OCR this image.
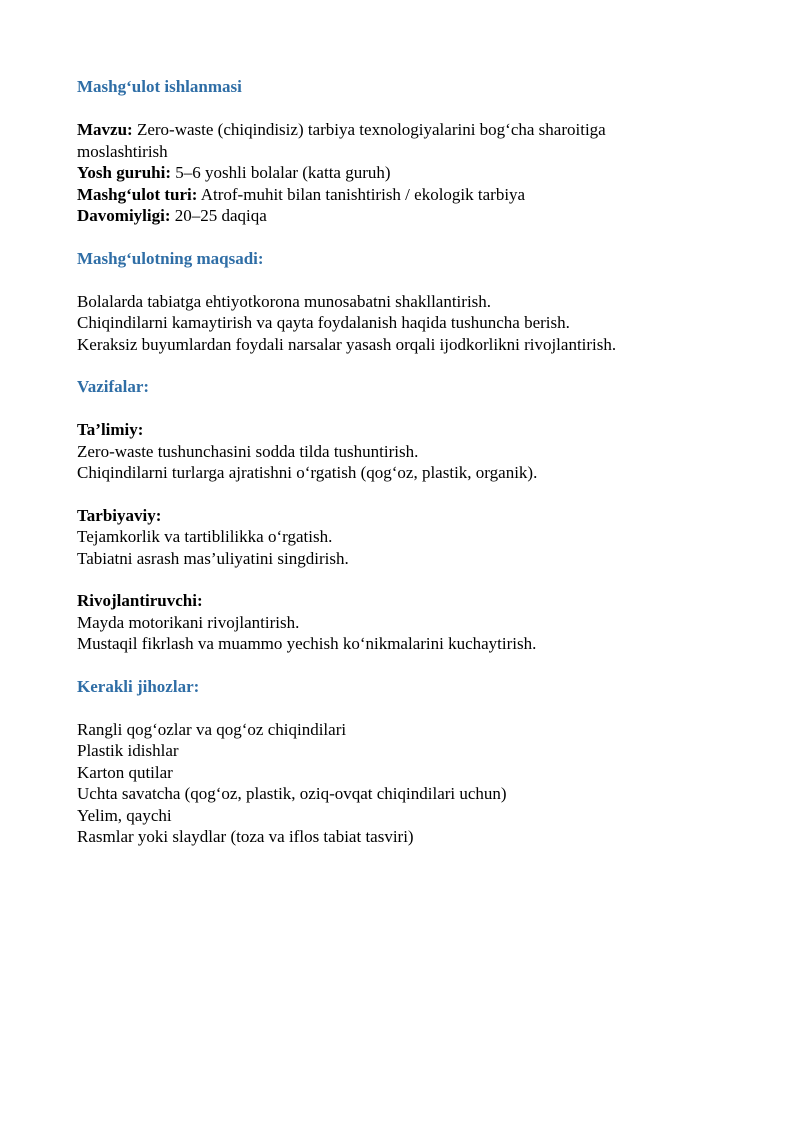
Mashg‘ulot ishlanmasi

Mavzu: Zero-waste (chiqindisiz) tarbiya texnologiyalarini bog‘cha sharoitiga moslashtirish

Yosh guruhi: 5–6 yoshli bolalar (katta guruh)

Mashg‘ulot turi: Atrof-muhit bilan tanishtirish / ekologik tarbiya

Davomiyligi: 20–25 daqiqa

Mashg‘ulotning maqsadi:
Bolalarda tabiatga ehtiyotkorona munosabatni shakllantirish.
Chiqindilarni kamaytirish va qayta foydalanish haqida tushuncha berish.
Keraksiz buyumlardan foydali narsalar yasash orqali ijodkorlikni rivojlantirish.
Vazifalar:

Ta’limiy:

Zero-waste tushunchasini sodda tilda tushuntirish.
Chiqindilarni turlarga ajratishni o‘rgatish (qog‘oz, plastik, organik).

Tarbiyaviy:

Tejamkorlik va tartiblilikka o‘rgatish.
Tabiatni asrash mas’uliyatini singdirish.

Rivojlantiruvchi:

Mayda motorikani rivojlantirish.
Mustaqil fikrlash va muammo yechish ko‘nikmalarini kuchaytirish.
Kerakli jihozlar:
Rangli qog‘ozlar va qog‘oz chiqindilari
Plastik idishlar
Karton qutilar
Uchta savatcha (qog‘oz, plastik, oziq-ovqat chiqindilari uchun)
Yelim, qaychi
Rasmlar yoki slaydlar (toza va iflos tabiat tasviri)
